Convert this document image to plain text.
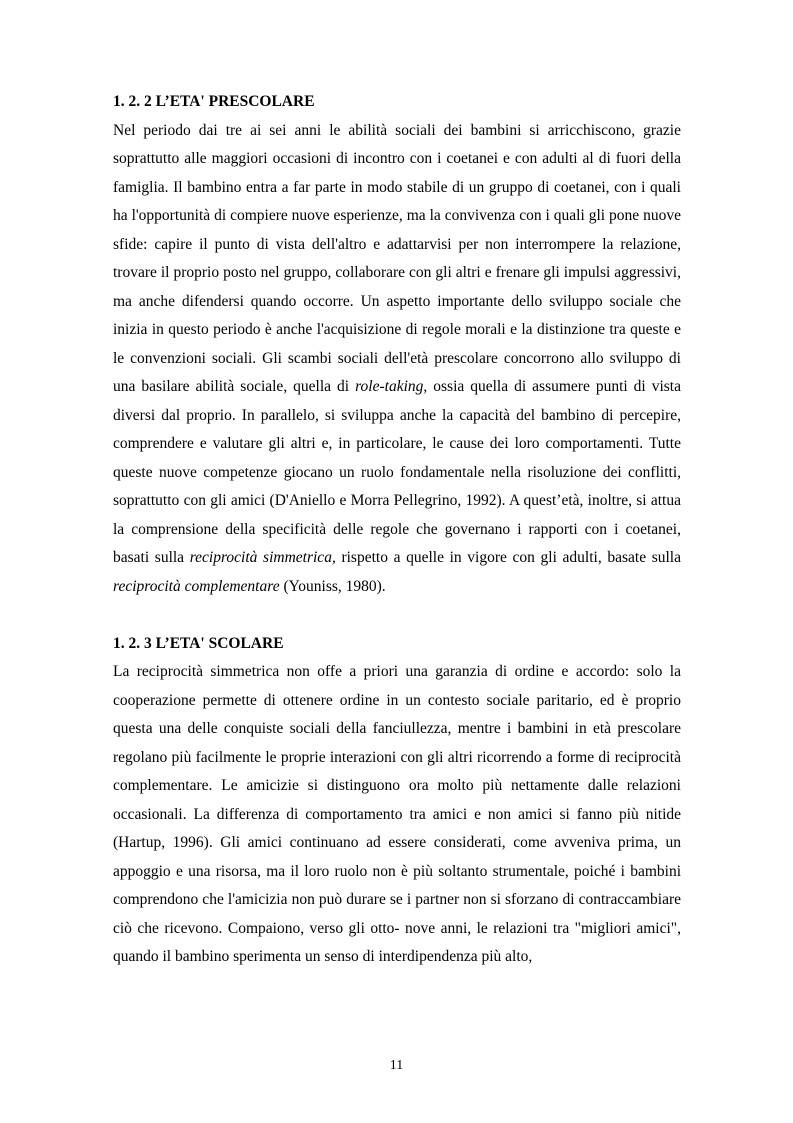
1. 2. 2 L’ETA' PRESCOLARE

Nel periodo dai tre ai sei anni le abilità sociali dei bambini si arricchiscono, grazie soprattutto alle maggiori occasioni di incontro con i coetanei e con adulti al di fuori della famiglia. Il bambino entra a far parte in modo stabile di un gruppo di coetanei, con i quali ha l'opportunità di compiere nuove esperienze, ma la convivenza con i quali gli pone nuove sfide: capire il punto di vista dell'altro e adattarvisi per non interrompere la relazione, trovare il proprio posto nel gruppo, collaborare con gli altri e frenare gli impulsi aggressivi, ma anche difendersi quando occorre. Un aspetto importante dello sviluppo sociale che inizia in questo periodo è anche l'acquisizione di regole morali e la distinzione tra queste e le convenzioni sociali. Gli scambi sociali dell'età prescolare concorrono allo sviluppo di una basilare abilità sociale, quella di role-taking, ossia quella di assumere punti di vista diversi dal proprio. In parallelo, si sviluppa anche la capacità del bambino di percepire, comprendere e valutare gli altri e, in particolare, le cause dei loro comportamenti. Tutte queste nuove competenze giocano un ruolo fondamentale nella risoluzione dei conflitti, soprattutto con gli amici (D'Aniello e Morra Pellegrino, 1992). A quest’età, inoltre, si attua la comprensione della specificità delle regole che governano i rapporti con i coetanei, basati sulla reciprocità simmetrica, rispetto a quelle in vigore con gli adulti, basate sulla reciprocità complementare (Youniss, 1980).

1. 2. 3 L’ETA' SCOLARE

La reciprocità simmetrica non offe a priori una garanzia di ordine e accordo: solo la cooperazione permette di ottenere ordine in un contesto sociale paritario, ed è proprio questa una delle conquiste sociali della fanciullezza, mentre i bambini in età prescolare regolano più facilmente le proprie interazioni con gli altri ricorrendo a forme di reciprocità complementare. Le amicizie si distinguono ora molto più nettamente dalle relazioni occasionali. La differenza di comportamento tra amici e non amici si fanno più nitide (Hartup, 1996). Gli amici continuano ad essere considerati, come avveniva prima, un appoggio e una risorsa, ma il loro ruolo non è più soltanto strumentale, poiché i bambini comprendono che l'amicizia non può durare se i partner non si sforzano di contraccambiare ciò che ricevono. Compaiono, verso gli otto- nove anni, le relazioni tra "migliori amici", quando il bambino sperimenta un senso di interdipendenza più alto,

11
